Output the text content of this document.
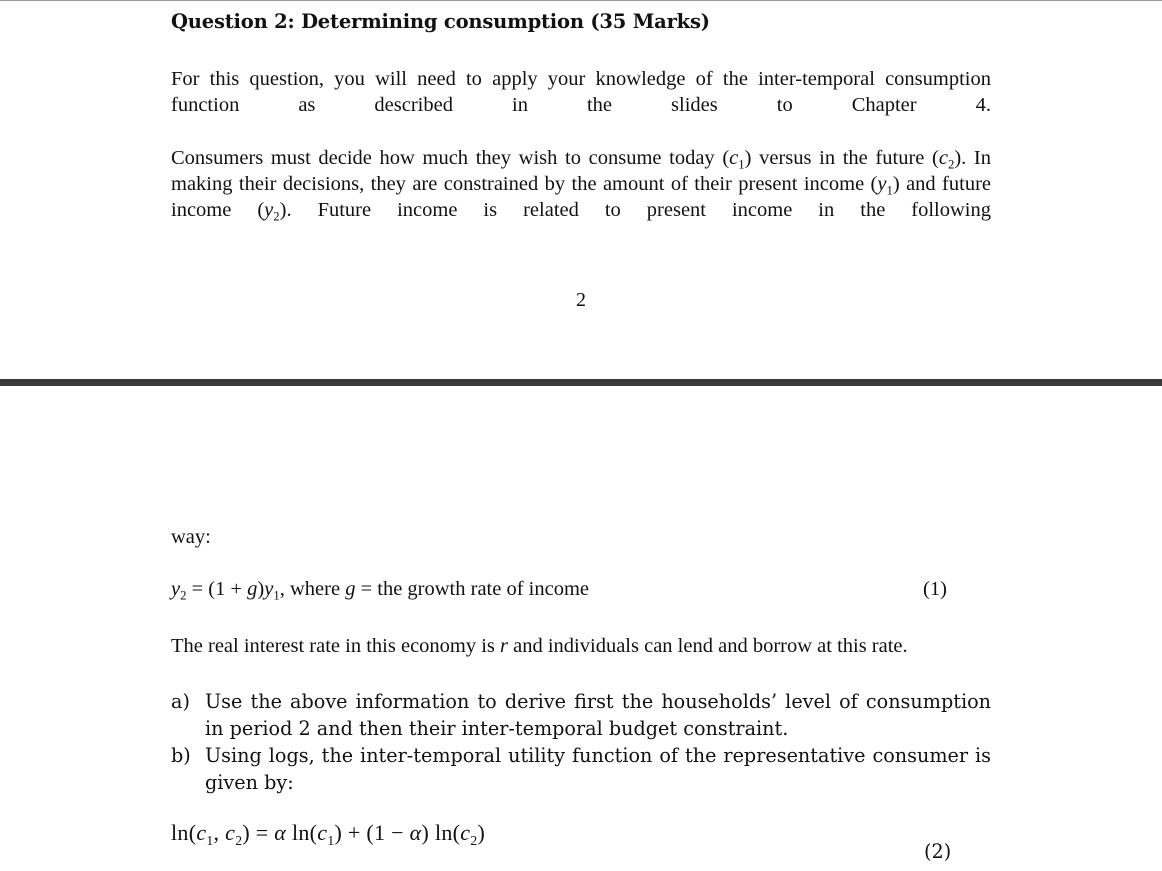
Question 2: Determining consumption (35 Marks)
For this question, you will need to apply your knowledge of the inter-temporal consumption function as described in the slides to Chapter 4.
Consumers must decide how much they wish to consume today $(c_1)$ versus in the future $(c_2)$. In making their decisions, they are constrained by the amount of their present income $(y_1)$ and future income $(y_2)$. Future income is related to present income in the following
2
way:
$y_2 = (1 + g)y_1$, where g = the growth rate of income	(1)
The real interest rate in this economy is r and individuals can lend and borrow at this rate.
a) Use the above information to derive first the households’ level of consumption in period 2 and then their inter-temporal budget constraint.
b) Using logs, the inter-temporal utility function of the representative consumer is given by:
$\ln(c_1$, $c_2) = \alpha$ $\ln(c_1) + (1 - \alpha)$ $\ln(c_2)$
(2)
